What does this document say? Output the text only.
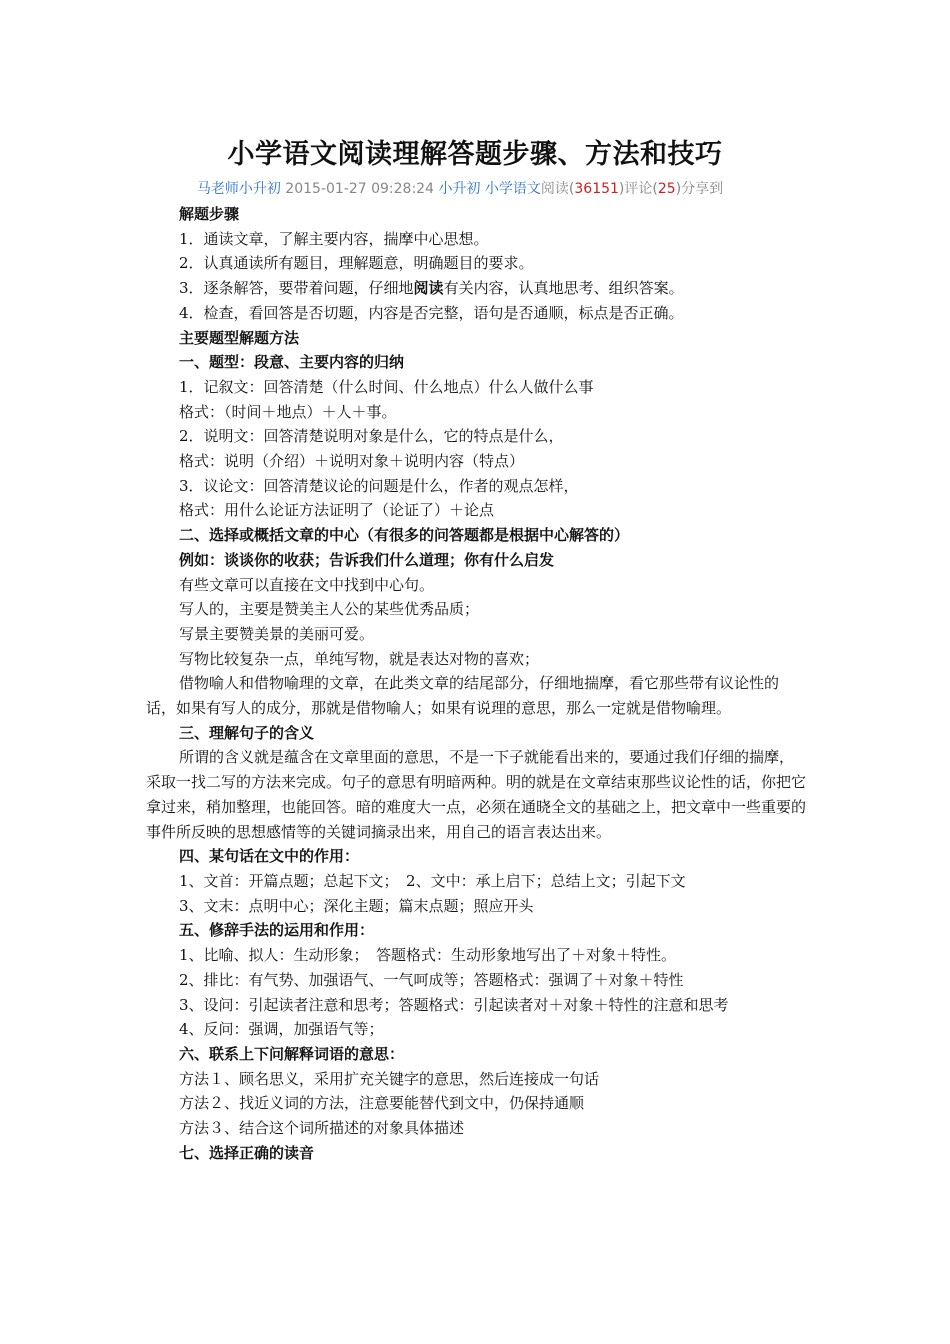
小学语文阅读理解答题步骤、方法和技巧
马老师小升初 2015-01-27 09:28:24 小升初 小学语文阅读(36151)评论(25)分享到

解题步骤

1．通读文章，了解主要内容，揣摩中心思想。

2．认真通读所有题目，理解题意，明确题目的要求。

3．逐条解答，要带着问题，仔细地阅读有关内容，认真地思考、组织答案。

4．检查，看回答是否切题，内容是否完整，语句是否通顺，标点是否正确。

主要题型解题方法

一、题型：段意、主要内容的归纳

1．记叙文：回答清楚（什么时间、什么地点）什么人做什么事

格式：（时间＋地点）＋人＋事。

2．说明文：回答清楚说明对象是什么，它的特点是什么，

格式：说明（介绍）＋说明对象＋说明内容（特点）

3．议论文：回答清楚议论的问题是什么，作者的观点怎样，

格式：用什么论证方法证明了（论证了）＋论点

二、选择或概括文章的中心（有很多的问答题都是根据中心解答的）

例如：谈谈你的收获；告诉我们什么道理；你有什么启发

有些文章可以直接在文中找到中心句。

写人的，主要是赞美主人公的某些优秀品质；

写景主要赞美景的美丽可爱。

写物比较复杂一点，单纯写物，就是表达对物的喜欢；

借物喻人和借物喻理的文章，在此类文章的结尾部分，仔细地揣摩，看它那些带有议论性的话，如果有写人的成分，那就是借物喻人；如果有说理的意思，那么一定就是借物喻理。

三、理解句子的含义

所谓的含义就是蕴含在文章里面的意思，不是一下子就能看出来的，要通过我们仔细的揣摩，采取一找二写的方法来完成。句子的意思有明暗两种。明的就是在文章结束那些议论性的话，你把它拿过来，稍加整理，也能回答。暗的难度大一点，必须在通晓全文的基础之上，把文章中一些重要的事件所反映的思想感情等的关键词摘录出来，用自己的语言表达出来。

四、某句话在文中的作用：

1、文首：开篇点题；总起下文；　2、文中：承上启下；总结上文；引起下文

3、文末：点明中心；深化主题；篇末点题；照应开头

五、修辞手法的运用和作用：

1、比喻、拟人：生动形象；　答题格式：生动形象地写出了＋对象＋特性。

2、排比：有气势、加强语气、一气呵成等；答题格式：强调了＋对象＋特性

3、设问：引起读者注意和思考；答题格式：引起读者对＋对象＋特性的注意和思考

4、反问：强调，加强语气等；

六、联系上下问解释词语的意思：

方法１、顾名思义，采用扩充关键字的意思，然后连接成一句话

方法２、找近义词的方法，注意要能替代到文中，仍保持通顺

方法３、结合这个词所描述的对象具体描述

七、选择正确的读音
